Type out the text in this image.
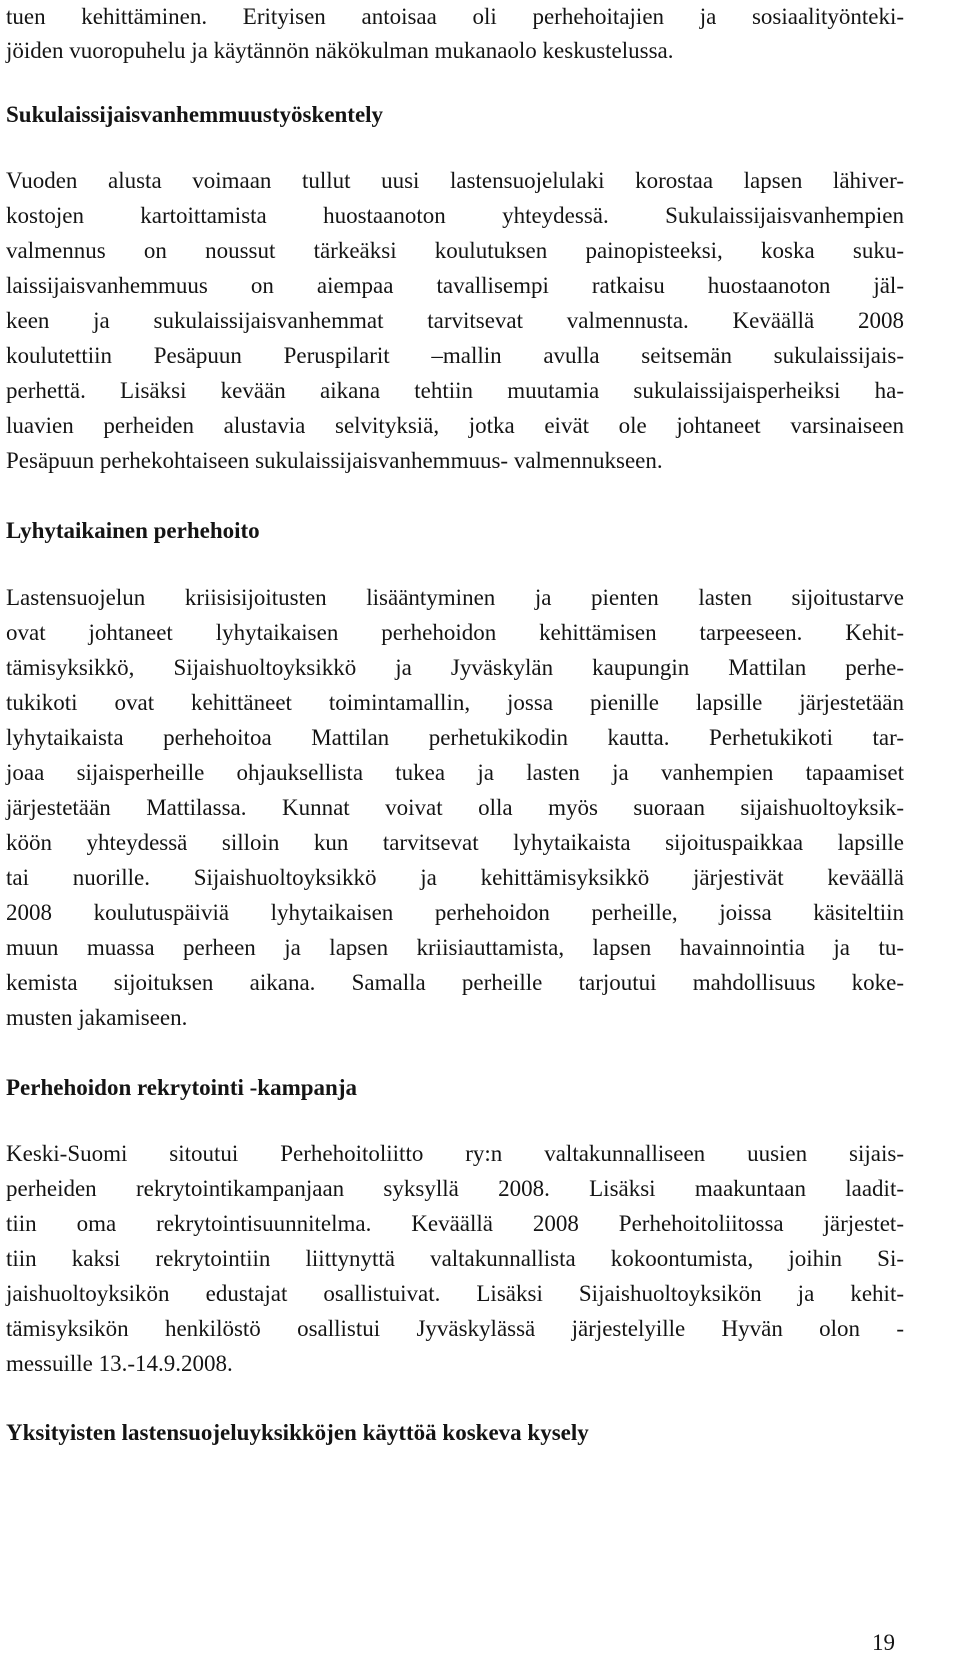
tuen kehittäminen. Erityisen antoisaa oli perhehoitajien ja sosiaalityönteki-
jöiden vuoropuhelu ja käytännön näkökulman mukanaolo keskustelussa.
Sukulaissijaisvanhemmuustyöskentely
Vuoden alusta voimaan tullut uusi lastensuojelulaki korostaa lapsen lähiver-
kostojen kartoittamista huostaanoton yhteydessä. Sukulaissijaisvanhempien
valmennus on noussut tärkeäksi koulutuksen painopisteeksi, koska suku-
laissijaisvanhemmuus on aiempaa tavallisempi ratkaisu huostaanoton jäl-
keen ja sukulaissijaisvanhemmat tarvitsevat valmennusta. Keväällä 2008
koulutettiin Pesäpuun Peruspilarit –mallin avulla seitsemän sukulaissijais-
perhettä. Lisäksi kevään aikana tehtiin muutamia sukulaissijaisperheiksi ha-
luavien perheiden alustavia selvityksiä, jotka eivät ole johtaneet varsinaiseen
Pesäpuun perhekohtaiseen sukulaissijaisvanhemmuus- valmennukseen.
Lyhytaikainen perhehoito
Lastensuojelun kriisisijoitusten lisääntyminen ja pienten lasten sijoitustarve
ovat johtaneet lyhytaikaisen perhehoidon kehittämisen tarpeeseen. Kehit-
tämisyksikkö, Sijaishuoltoyksikkö ja Jyväskylän kaupungin Mattilan perhe-
tukikoti ovat kehittäneet toimintamallin, jossa pienille lapsille järjestetään
lyhytaikaista perhehoitoa Mattilan perhetukikodin kautta. Perhetukikoti tar-
joaa sijaisperheille ohjauksellista tukea ja lasten ja vanhempien tapaamiset
järjestetään Mattilassa. Kunnat voivat olla myös suoraan sijaishuoltoyksik-
köön yhteydessä silloin kun tarvitsevat lyhytaikaista sijoituspaikkaa lapsille
tai nuorille. Sijaishuoltoyksikkö ja kehittämisyksikkö järjestivät keväällä
2008 koulutuspäiviä lyhytaikaisen perhehoidon perheille, joissa käsiteltiin
muun muassa perheen ja lapsen kriisiauttamista, lapsen havainnointia ja tu-
kemista sijoituksen aikana. Samalla perheille tarjoutui mahdollisuus koke-
musten jakamiseen.
Perhehoidon rekrytointi -kampanja
Keski-Suomi sitoutui Perhehoitoliitto ry:n valtakunnalliseen uusien sijais-
perheiden rekrytointikampanjaan syksyllä 2008. Lisäksi maakuntaan laadit-
tiin oma rekrytointisuunnitelma. Keväällä 2008 Perhehoitoliitossa järjestet-
tiin kaksi rekrytointiin liittynyttä valtakunnallista kokoontumista, joihin Si-
jaishuoltoyksikön edustajat osallistuivat. Lisäksi Sijaishuoltoyksikön ja kehit-
tämisyksikön henkilöstö osallistui Jyväskylässä järjestelyille Hyvän olon -
messuille 13.-14.9.2008.
Yksityisten lastensuojeluyksikköjen käyttöä koskeva kysely
19
